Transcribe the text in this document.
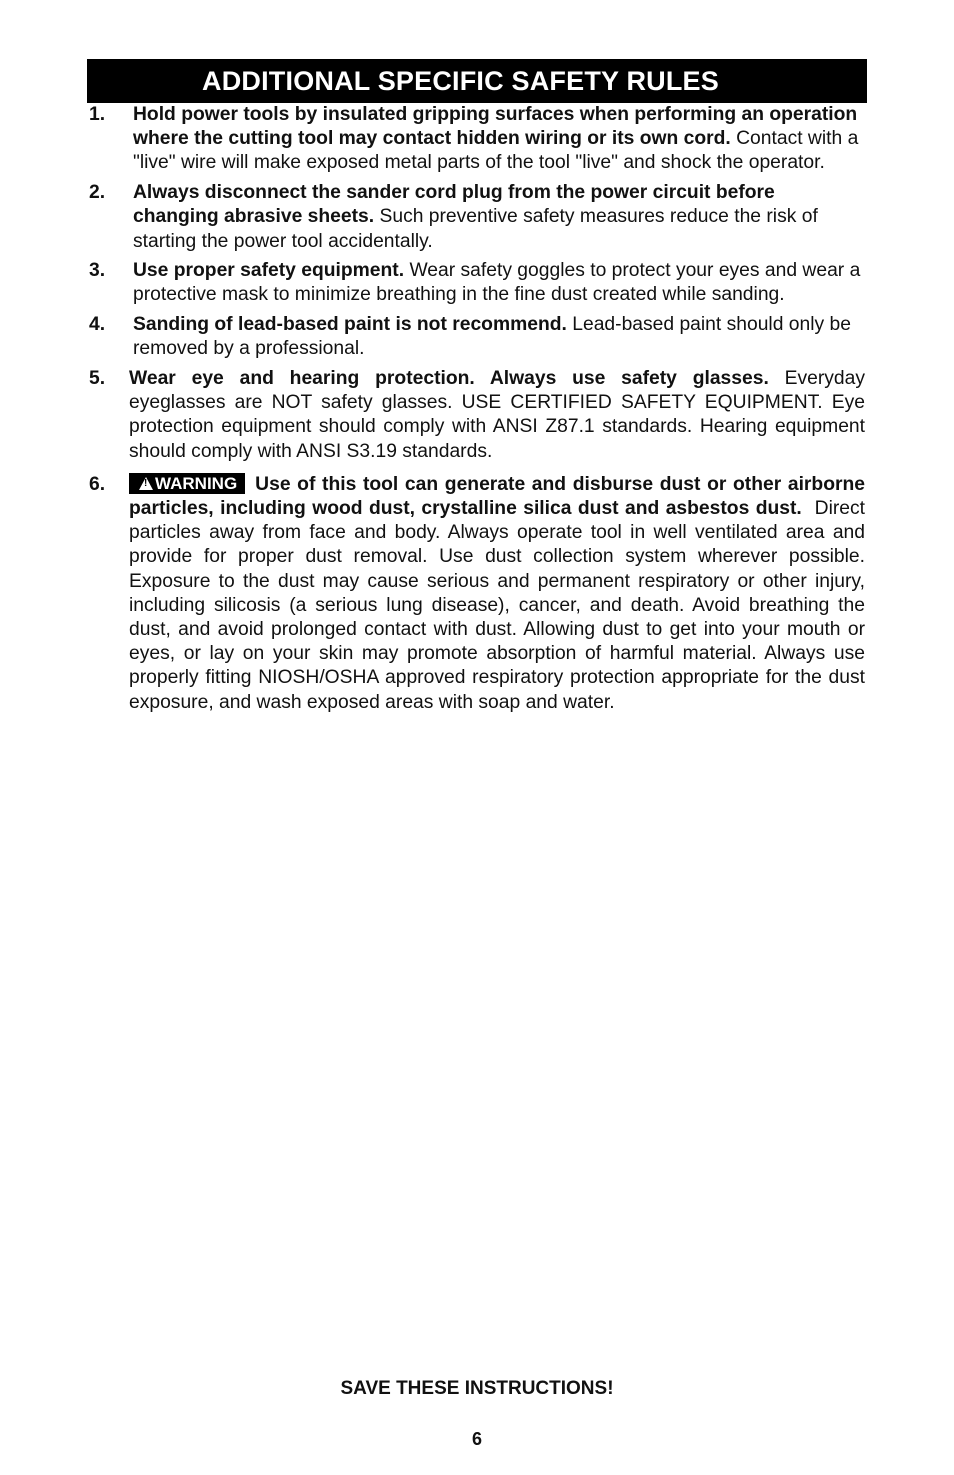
ADDITIONAL SPECIFIC SAFETY RULES
1. Hold power tools by insulated gripping surfaces when performing an operation where the cutting tool may contact hidden wiring or its own cord. Contact with a "live" wire will make exposed metal parts of the tool "live" and shock the operator.
2. Always disconnect the sander cord plug from the power circuit before changing abrasive sheets. Such preventive safety measures reduce the risk of starting the power tool accidentally.
3. Use proper safety equipment. Wear safety goggles to protect your eyes and wear a protective mask to minimize breathing in the fine dust created while sanding.
4. Sanding of lead-based paint is not recommend. Lead-based paint should only be removed by a professional.
5. Wear eye and hearing protection. Always use safety glasses. Everyday eyeglasses are NOT safety glasses. USE CERTIFIED SAFETY EQUIPMENT. Eye protection equipment should comply with ANSI Z87.1 standards. Hearing equipment should comply with ANSI S3.19 standards.
6.
!	WARNING Use of this tool can generate and disburse dust or other airborne particles, including wood dust, crystalline silica dust and asbestos dust. Direct particles away from face and body. Always operate tool in well ventilated area and provide for proper dust removal. Use dust collection system wherever possible. Exposure to the dust may cause serious and permanent respiratory or other injury, including silicosis (a serious lung disease), cancer, and death. Avoid breathing the dust, and avoid prolonged contact with dust. Allowing dust to get into your mouth or eyes, or lay on your skin may promote absorption of harmful material. Always use properly fitting NIOSH/OSHA approved respiratory protection appropriate for the dust exposure, and wash exposed areas with soap and water.
SAVE THESE INSTRUCTIONS!
6
